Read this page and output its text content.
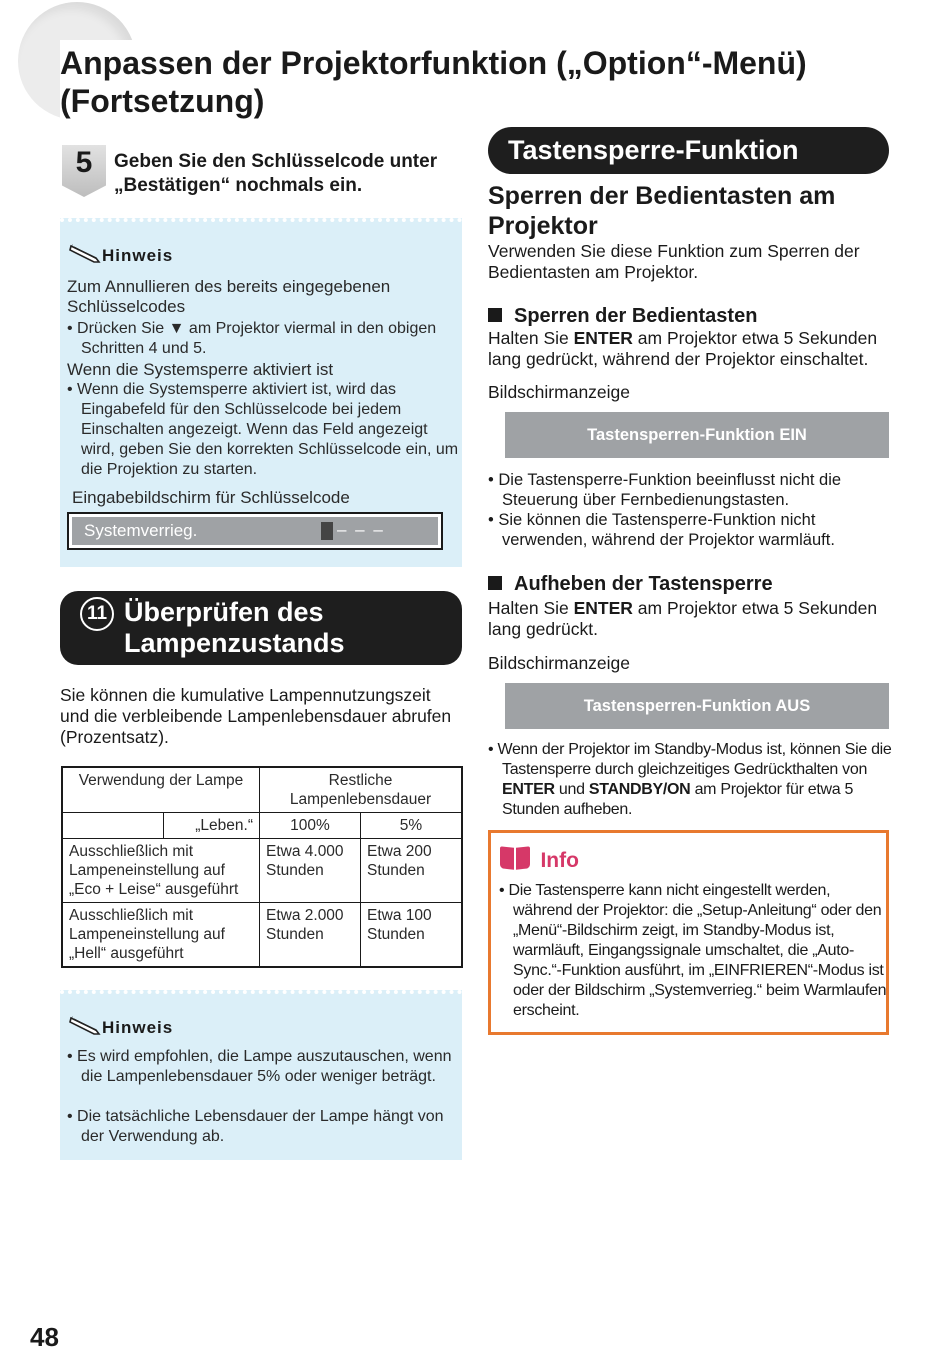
Anpassen der Projektorfunktion („Option“-Menü) (Fortsetzung)
5	Geben Sie den Schlüsselcode unter „Bestätigen“ nochmals ein.
Hinweis
Zum Annullieren des bereits eingegebenen Schlüsselcodes
• Drücken Sie ▼ am Projektor viermal in den obigen Schritten 4 und 5.
Wenn die Systemsperre aktiviert ist
• Wenn die Systemsperre aktiviert ist, wird das Eingabefeld für den Schlüsselcode bei jedem Einschalten angezeigt. Wenn das Feld angezeigt wird, geben Sie den korrekten Schlüsselcode ein, um die Projektion zu starten.
Eingabebildschirm für Schlüsselcode
Systemverrieg.	– – –
11 Überprüfen des
Lampenzustands
Sie können die kumulative Lampennutzungszeit und die verbleibende Lampenlebensdauer abrufen (Prozentsatz).
Verwendung der Lampe		Restliche Lampenlebensdauer	
	„Leben.“	100%	5%
Ausschließlich mit Lampeneinstellung auf „Eco + Leise“ ausgeführt		Etwa 4.000 Stunden	Etwa 200 Stunden
Ausschließlich mit Lampeneinstellung auf „Hell“ ausgeführt		Etwa 2.000 Stunden	Etwa 100 Stunden
Hinweis
• Es wird empfohlen, die Lampe auszutauschen, wenn die Lampenlebensdauer 5% oder weniger beträgt.
• Die tatsächliche Lebensdauer der Lampe hängt von der Verwendung ab.
Tastensperre-Funktion
Sperren der Bedientasten am Projektor
Verwenden Sie diese Funktion zum Sperren der Bedientasten am Projektor.
Sperren der Bedientasten
Halten Sie ENTER am Projektor etwa 5 Sekunden lang gedrückt, während der Projektor einschaltet.
Bildschirmanzeige
Tastensperren-Funktion EIN
• Die Tastensperre-Funktion beeinflusst nicht die Steuerung über Fernbedienungstasten.
• Sie können die Tastensperre-Funktion nicht verwenden, während der Projektor warmläuft.
Aufheben der Tastensperre
Halten Sie ENTER am Projektor etwa 5 Sekunden lang gedrückt.
Bildschirmanzeige
Tastensperren-Funktion AUS
• Wenn der Projektor im Standby-Modus ist, können Sie die Tastensperre durch gleichzeitiges Gedrückthalten von ENTER und STANDBY/ON am Projektor für etwa 5 Stunden aufheben.
Info
• Die Tastensperre kann nicht eingestellt werden, während der Projektor: die „Setup-Anleitung“ oder den „Menü“-Bildschirm zeigt, im Standby-Modus ist, warmläuft, Eingangssignale umschaltet, die „Auto-Sync.“-Funktion ausführt, im „EINFRIEREN“-Modus ist oder der Bildschirm „Systemverrieg.“ beim Warmlaufen erscheint.
48
